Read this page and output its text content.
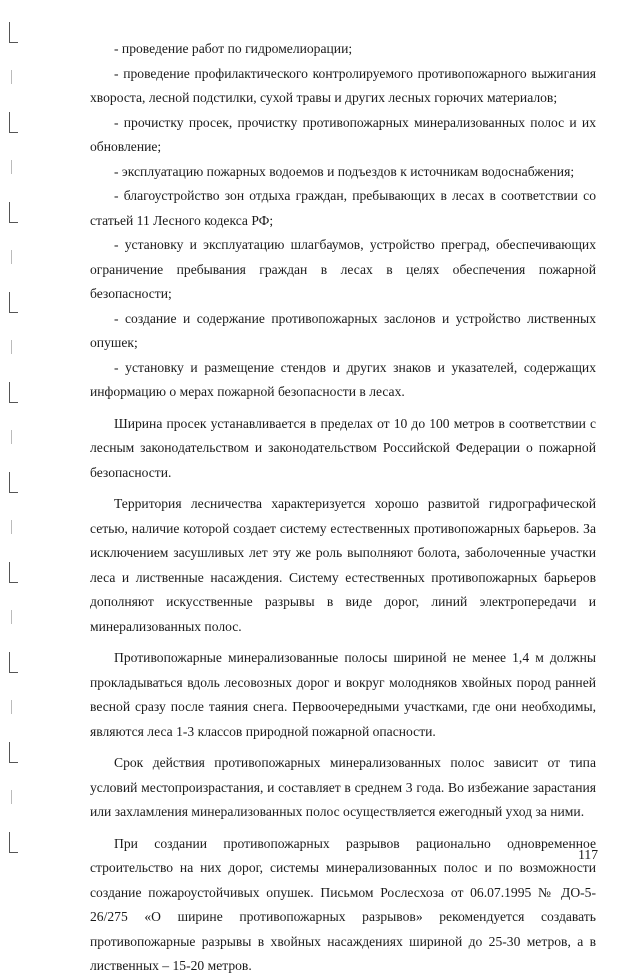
- проведение работ по гидромелиорации;

- проведение профилактического контролируемого противопожарного выжигания хвороста, лесной подстилки, сухой травы и других лесных горючих материалов;

- прочистку просек, прочистку противопожарных минерализованных полос и их обновление;

- эксплуатацию пожарных водоемов и подъездов к источникам водоснабжения;

- благоустройство зон отдыха граждан, пребывающих в лесах в соответствии со статьей 11 Лесного кодекса РФ;

- установку и эксплуатацию шлагбаумов, устройство преград, обеспечивающих ограничение пребывания граждан в лесах в целях обеспечения пожарной безопасности;

- создание и содержание противопожарных заслонов и устройство лиственных опушек;

- установку и размещение стендов и других знаков и указателей, содержащих информацию о мерах пожарной безопасности в лесах.

Ширина просек устанавливается в пределах от 10 до 100 метров в соответствии с лесным законодательством и законодательством Российской Федерации о пожарной безопасности.

Территория лесничества характеризуется хорошо развитой гидрографической сетью, наличие которой создает систему естественных противопожарных барьеров. За исключением засушливых лет эту же роль выполняют болота, заболоченные участки леса и лиственные насаждения. Систему естественных противопожарных барьеров дополняют искусственные разрывы в виде дорог, линий электропередачи и минерализованных полос.

Противопожарные минерализованные полосы шириной не менее 1,4 м должны прокладываться вдоль лесовозных дорог и вокруг молодняков хвойных пород ранней весной сразу после таяния снега. Первоочередными участками, где они необходимы, являются леса 1-3 классов природной пожарной опасности.

Срок действия противопожарных минерализованных полос зависит от типа условий местопроизрастания, и составляет в среднем 3 года. Во избежание зарастания или захламления минерализованных полос осуществляется ежегодный уход за ними.

При создании противопожарных разрывов рационально одновременное строительство на них дорог, системы минерализованных полос и по возможности создание пожароустойчивых опушек. Письмом Рослесхоза от 06.07.1995 № ДО-5-26/275 «О ширине противопожарных разрывов» рекомендуется создавать противопожарные разрывы в хвойных насаждениях шириной до 25-30 метров, а в лиственных – 15-20 метров.

117
